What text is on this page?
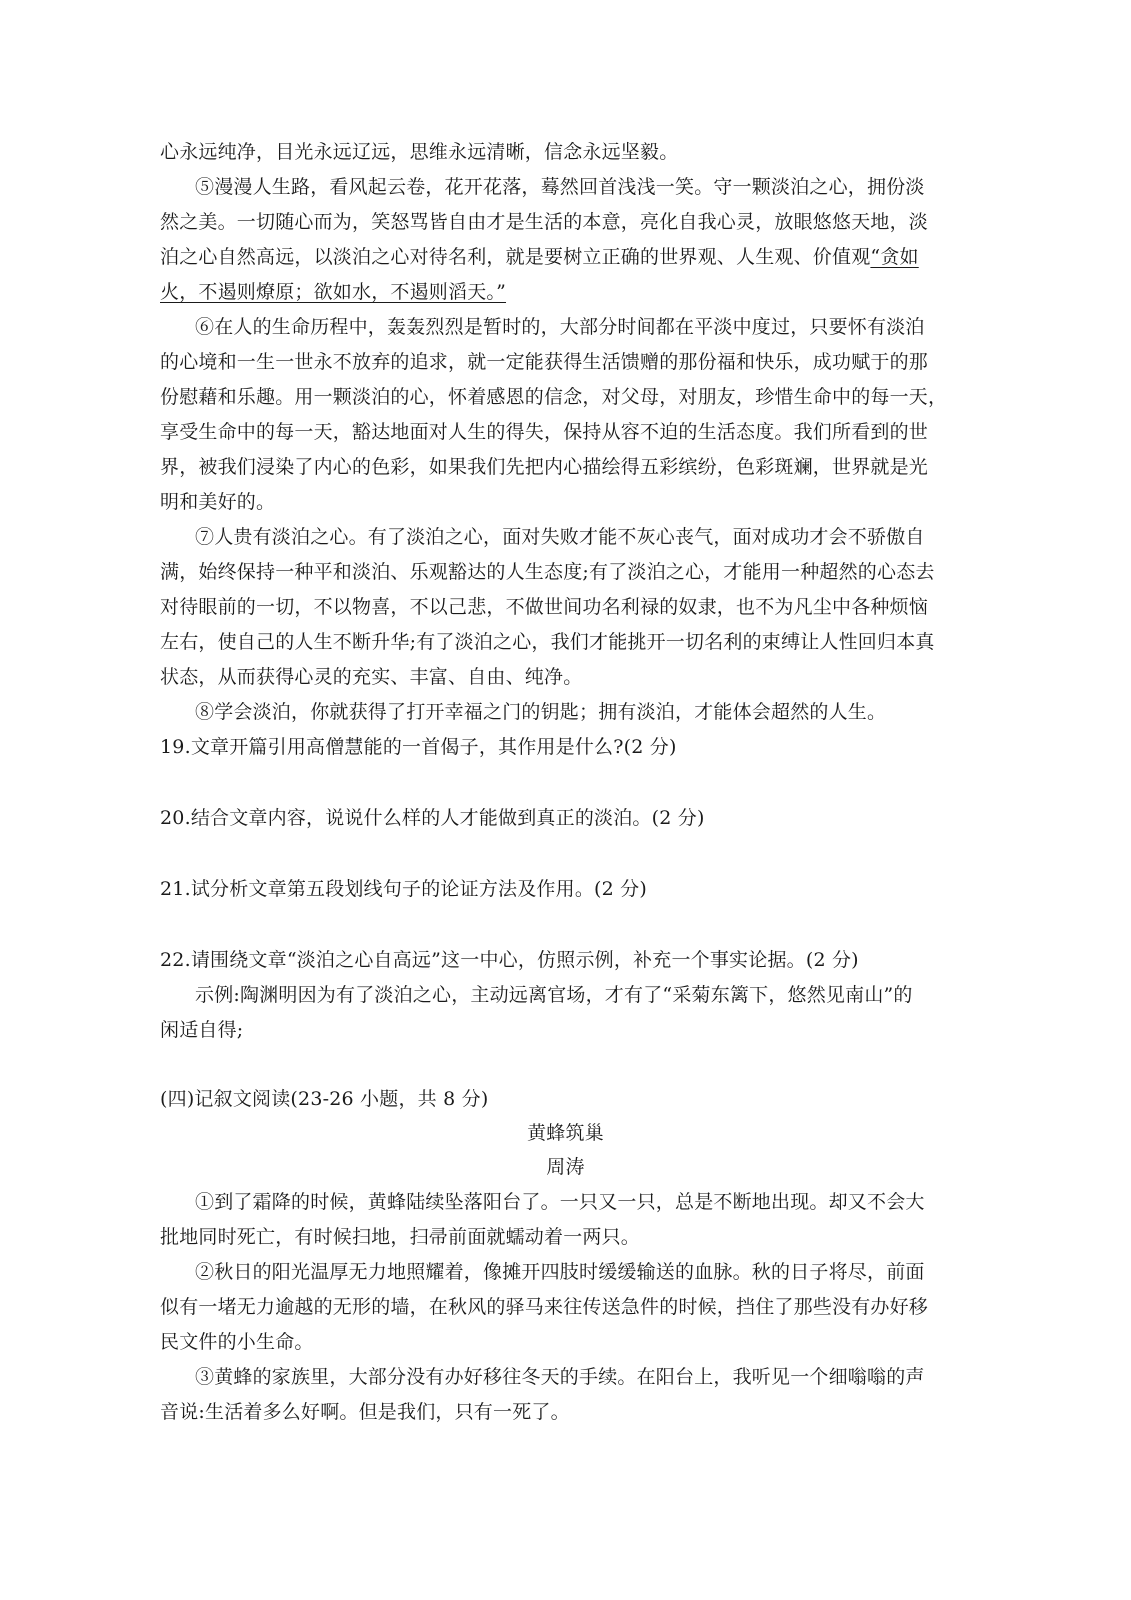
心永远纯净，目光永远辽远，思维永远清晰，信念永远坚毅。
⑤漫漫人生路，看风起云卷，花开花落，蓦然回首浅浅一笑。守一颗淡泊之心，拥份淡
然之美。一切随心而为，笑怒骂皆自由才是生活的本意，亮化自我心灵，放眼悠悠天地，淡
泊之心自然高远，以淡泊之心对待名利，就是要树立正确的世界观、人生观、价值观“贪如
火，不遏则燎原；欲如水，不遏则滔天。”
⑥在人的生命历程中，轰轰烈烈是暂时的，大部分时间都在平淡中度过，只要怀有淡泊
的心境和一生一世永不放弃的追求，就一定能获得生活馈赠的那份福和快乐，成功赋于的那
份慰藉和乐趣。用一颗淡泊的心，怀着感恩的信念，对父母，对朋友，珍惜生命中的每一天，
享受生命中的每一天，豁达地面对人生的得失，保持从容不迫的生活态度。我们所看到的世
界，被我们浸染了内心的色彩，如果我们先把内心描绘得五彩缤纷，色彩斑斓，世界就是光
明和美好的。
⑦人贵有淡泊之心。有了淡泊之心，面对失败才能不灰心丧气，面对成功才会不骄傲自
满，始终保持一种平和淡泊、乐观豁达的人生态度;有了淡泊之心，才能用一种超然的心态去
对待眼前的一切，不以物喜，不以己悲，不做世间功名利禄的奴隶，也不为凡尘中各种烦恼
左右，使自己的人生不断升华;有了淡泊之心，我们才能挑开一切名利的束缚让人性回归本真
状态，从而获得心灵的充实、丰富、自由、纯净。
⑧学会淡泊，你就获得了打开幸福之门的钥匙；拥有淡泊，才能体会超然的人生。
19.文章开篇引用高僧慧能的一首偈子，其作用是什么?(2 分)
20.结合文章内容，说说什么样的人才能做到真正的淡泊。(2 分)
21.试分析文章第五段划线句子的论证方法及作用。(2 分)
22.请围绕文章“淡泊之心自高远”这一中心，仿照示例，补充一个事实论据。(2 分)
示例:陶渊明因为有了淡泊之心，主动远离官场，才有了“采菊东篱下，悠然见南山”的
闲适自得;
(四)记叙文阅读(23-26 小题，共 8 分)
黄蜂筑巢
周涛
①到了霜降的时候，黄蜂陆续坠落阳台了。一只又一只，总是不断地出现。却又不会大
批地同时死亡，有时候扫地，扫帚前面就蠕动着一两只。
②秋日的阳光温厚无力地照耀着，像摊开四肢时缓缓输送的血脉。秋的日子将尽，前面
似有一堵无力逾越的无形的墙，在秋风的驿马来往传送急件的时候，挡住了那些没有办好移
民文件的小生命。
③黄蜂的家族里，大部分没有办好移往冬天的手续。在阳台上，我听见一个细嗡嗡的声
音说:生活着多么好啊。但是我们，只有一死了。
